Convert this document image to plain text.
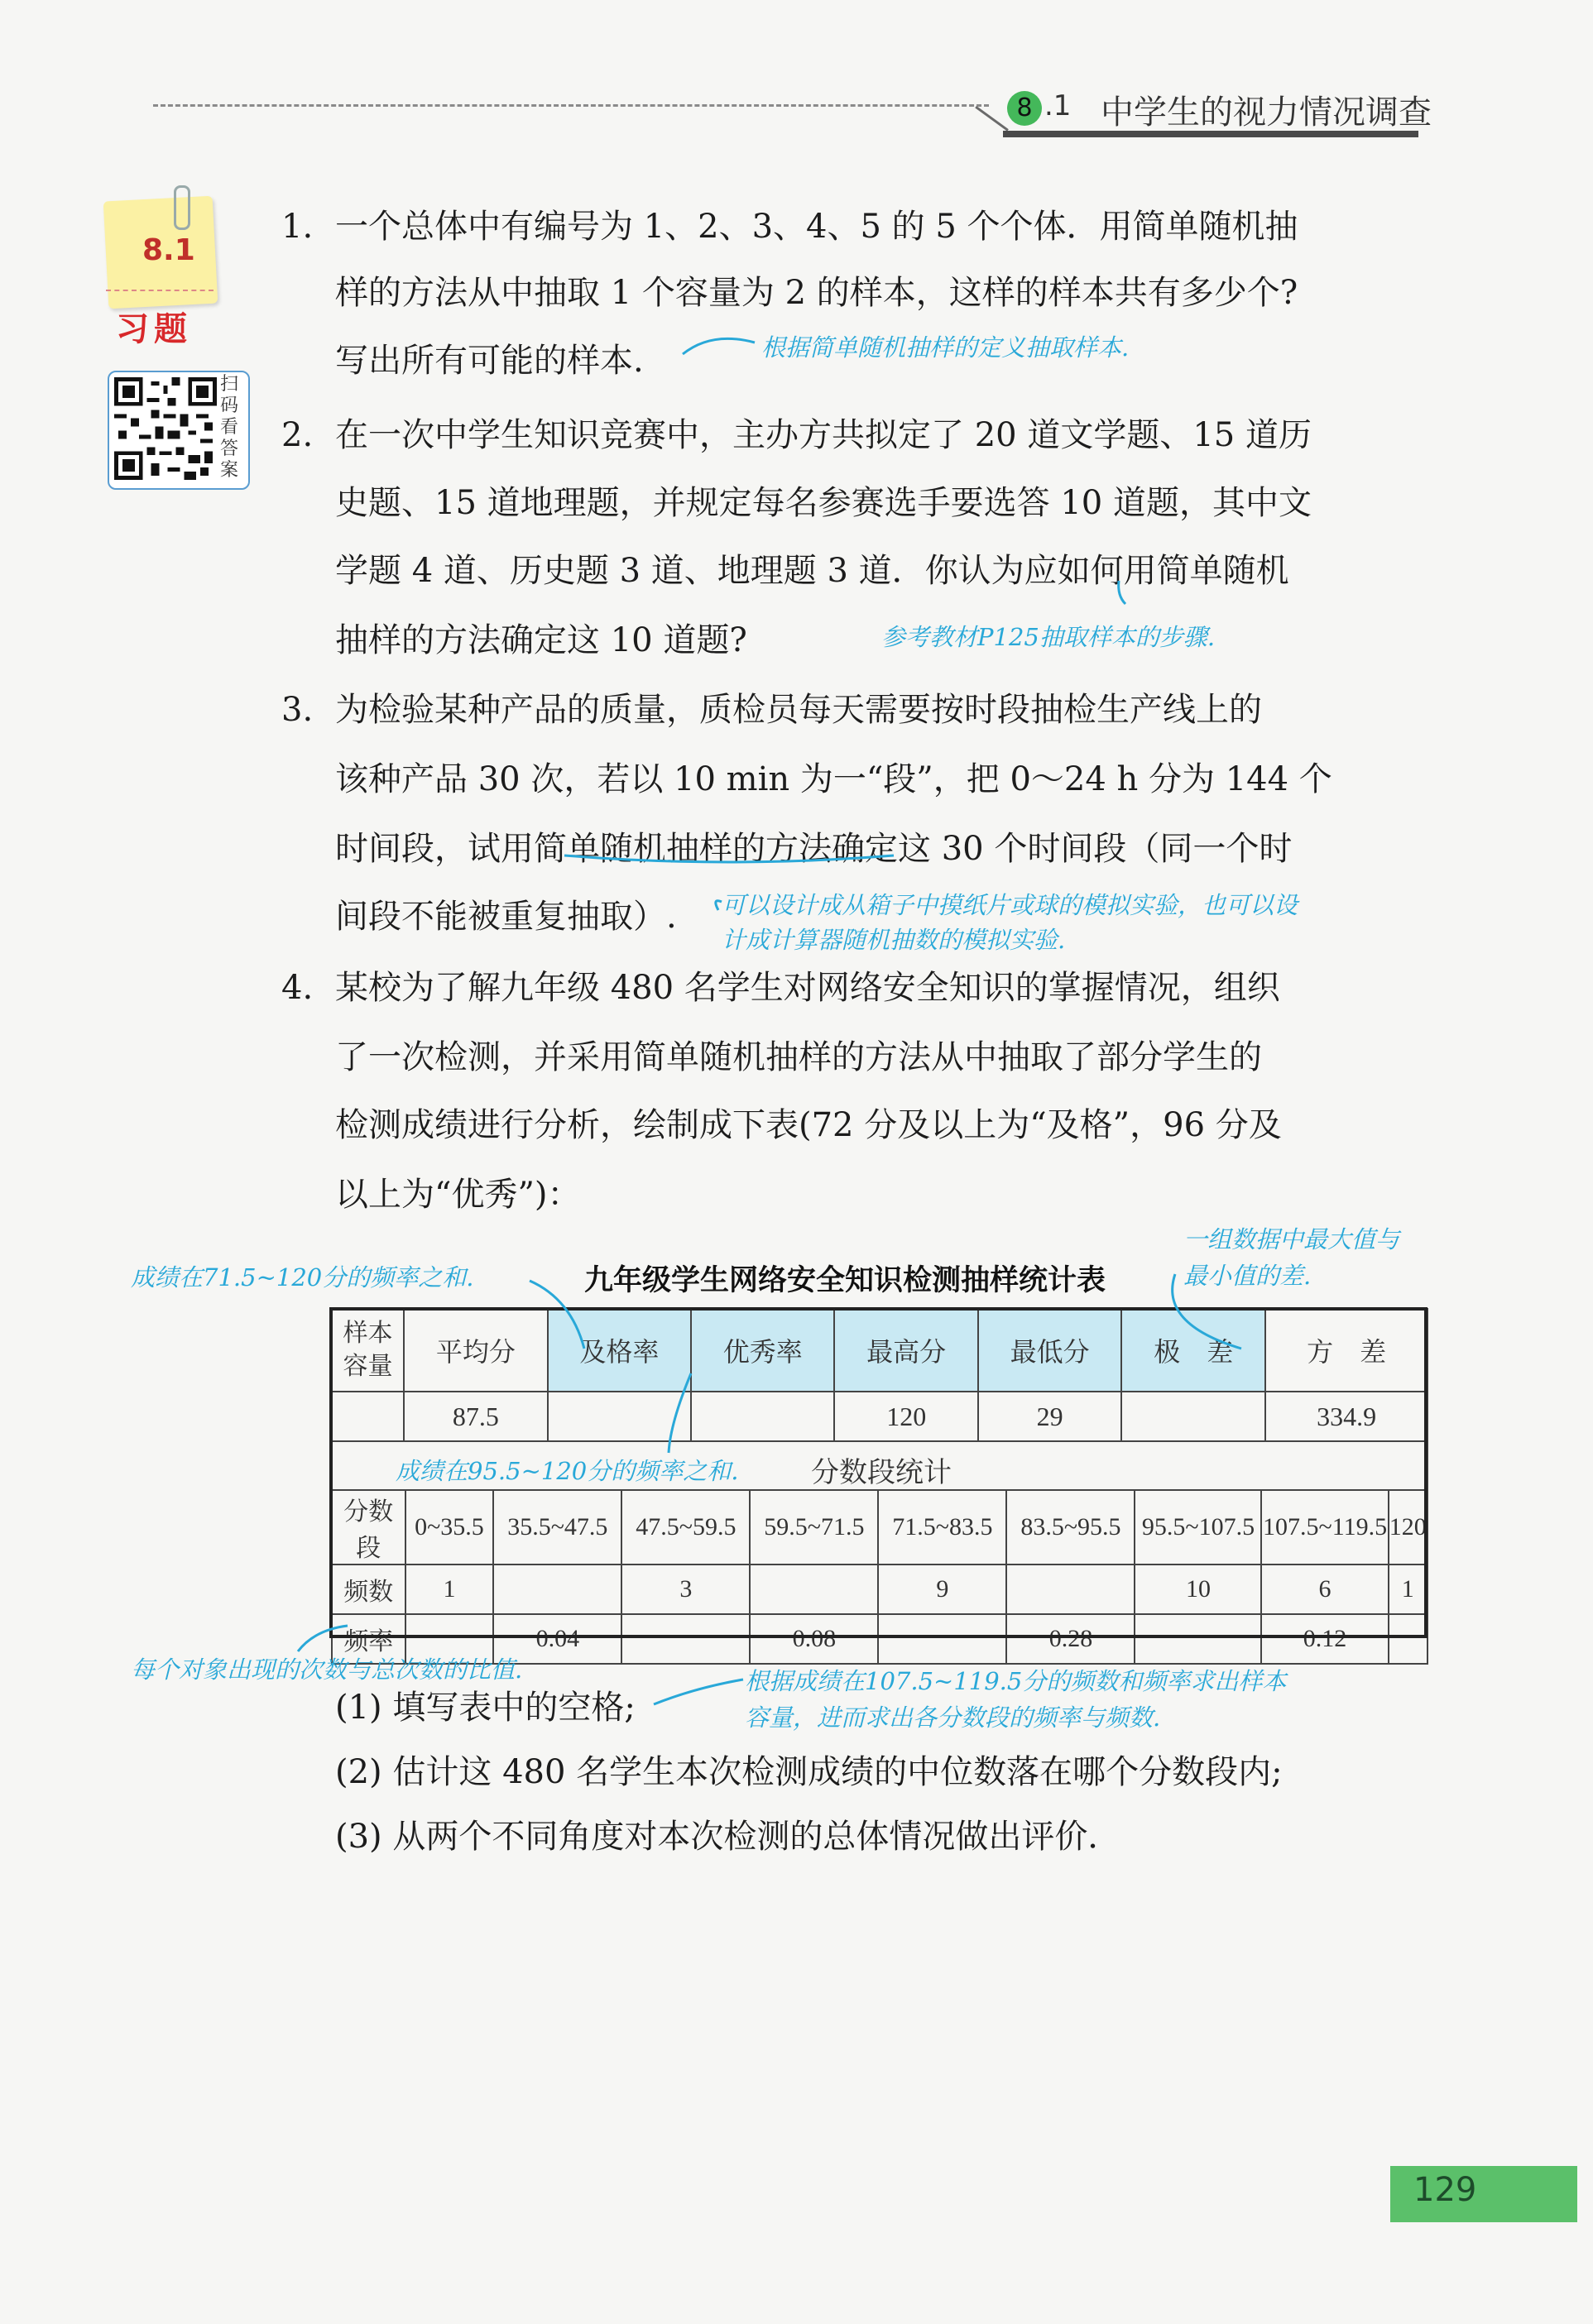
8 .1 中学生的视力情况调查
8.1
习题
扫码看答案
1. 一个总体中有编号为 1、2、3、4、5 的 5 个个体．用简单随机抽
样的方法从中抽取 1 个容量为 2 的样本，这样的样本共有多少个?
写出所有可能的样本.	根据简单随机抽样的定义抽取样本.
2. 在一次中学生知识竞赛中，主办方共拟定了 20 道文学题、15 道历
史题、15 道地理题，并规定每名参赛选手要选答 10 道题，其中文
学题 4 道、历史题 3 道、地理题 3 道．你认为应如何用简单随机
抽样的方法确定这 10 道题?	参考教材P125抽取样本的步骤.
3. 为检验某种产品的质量，质检员每天需要按时段抽检生产线上的
该种产品 30 次，若以 10 min 为一“段”，把 0～24 h 分为 144 个
时间段，试用简单随机抽样的方法确定这 30 个时间段（同一个时
间段不能被重复抽取）. 可以设计成从箱子中摸纸片或球的模拟实验，也可以设
计成计算器随机抽数的模拟实验.
4. 某校为了解九年级 480 名学生对网络安全知识的掌握情况，组织
了一次检测，并采用简单随机抽样的方法从中抽取了部分学生的
检测成绩进行分析，绘制成下表(72 分及以上为“及格”，96 分及
以上为“优秀”)：
一组数据中最大值与
最小值的差.
成绩在71.5~120分的频率之和.	九年级学生网络安全知识检测抽样统计表
样本容量	平均分	及格率	优秀率	最高分	最低分	极　差	方　差
	87.5			120	29		334.9
成绩在95.5~120分的频率之和.	分数段统计
分数段	0~35.5	35.5~47.5	47.5~59.5	59.5~71.5	71.5~83.5	83.5~95.5	95.5~107.5	107.5~119.5	120
频数	1		3		9		10	6	1
频率		0.04		0.08		0.28		0.12	
每个对象出现的次数与总次数的比值.	根据成绩在107.5~119.5分的频数和频率求出样本
容量，进而求出各分数段的频率与频数.
(1) 填写表中的空格;
(2) 估计这 480 名学生本次检测成绩的中位数落在哪个分数段内;
(3) 从两个不同角度对本次检测的总体情况做出评价．
129
